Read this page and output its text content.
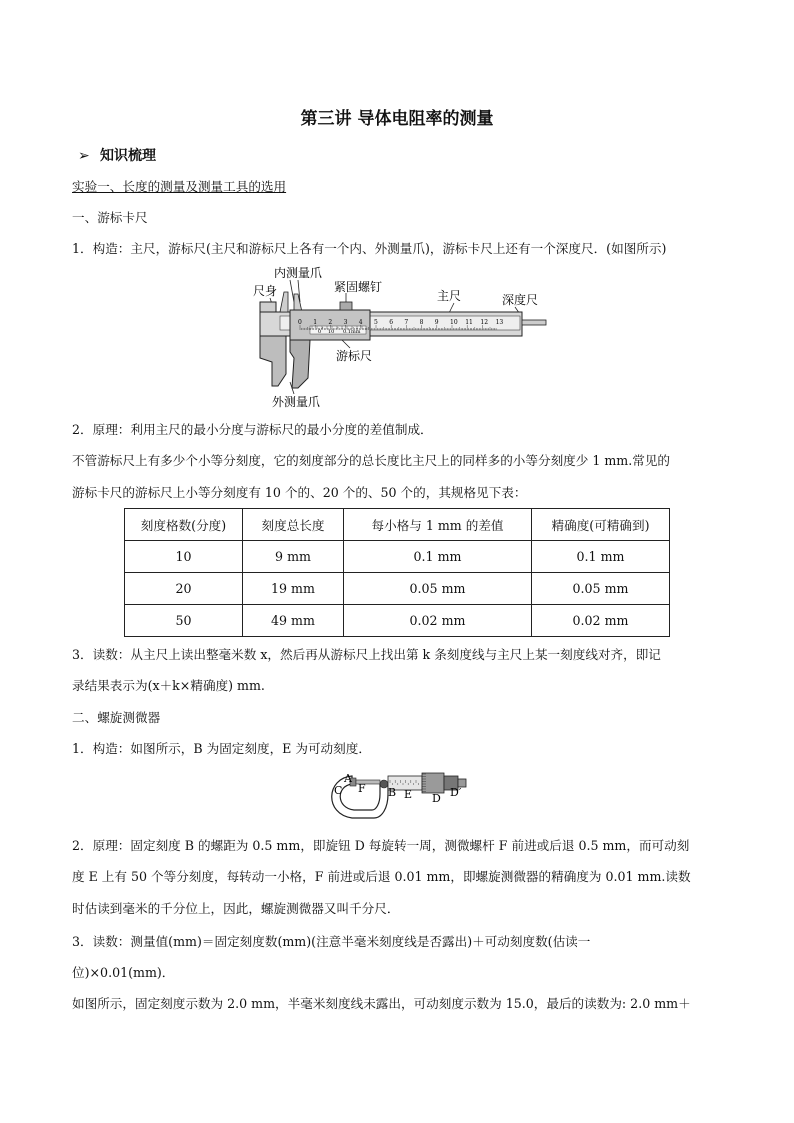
第三讲 导体电阻率的测量
➢ 知识梳理
实验一、长度的测量及测量工具的选用
一、游标卡尺
1．构造：主尺，游标尺(主尺和游标尺上各有一个内、外测量爪)，游标卡尺上还有一个深度尺．(如图所示)
内测量爪
尺身	紧固螺钉
主尺	深度尺
游标尺
外测量爪
0 1 2 3 4 5 6 7 8 9 10 11 12 13
0 10 0.1mm
2．原理：利用主尺的最小分度与游标尺的最小分度的差值制成．
不管游标尺上有多少个小等分刻度，它的刻度部分的总长度比主尺上的同样多的小等分刻度少 1 mm.常见的
游标卡尺的游标尺上小等分刻度有 10 个的、20 个的、50 个的，其规格见下表：
刻度格数(分度)	刻度总长度	每小格与 1 mm 的差值	精确度(可精确到)
10	9 mm	0.1 mm	0.1 mm
20	19 mm	0.05 mm	0.05 mm
50	49 mm	0.02 mm	0.02 mm
3．读数：从主尺上读出整毫米数 x，然后再从游标尺上找出第 k 条刻度线与主尺上某一刻度线对齐，即记
录结果表示为(x＋k×精确度) mm.
二、螺旋测微器
1．构造：如图所示，B 为固定刻度，E 为可动刻度．
A
F
C	B E D D′
2．原理：固定刻度 B 的螺距为 0.5 mm，即旋钮 D 每旋转一周，测微螺杆 F 前进或后退 0.5 mm，而可动刻
度 E 上有 50 个等分刻度，每转动一小格，F 前进或后退 0.01 mm，即螺旋测微器的精确度为 0.01 mm.读数
时估读到毫米的千分位上，因此，螺旋测微器又叫千分尺．
3．读数：测量值(mm)＝固定刻度数(mm)(注意半毫米刻度线是否露出)＋可动刻度数(估读一
位)×0.01(mm)．
如图所示，固定刻度示数为 2.0 mm，半毫米刻度线未露出，可动刻度示数为 15.0，最后的读数为: 2.0 mm＋
